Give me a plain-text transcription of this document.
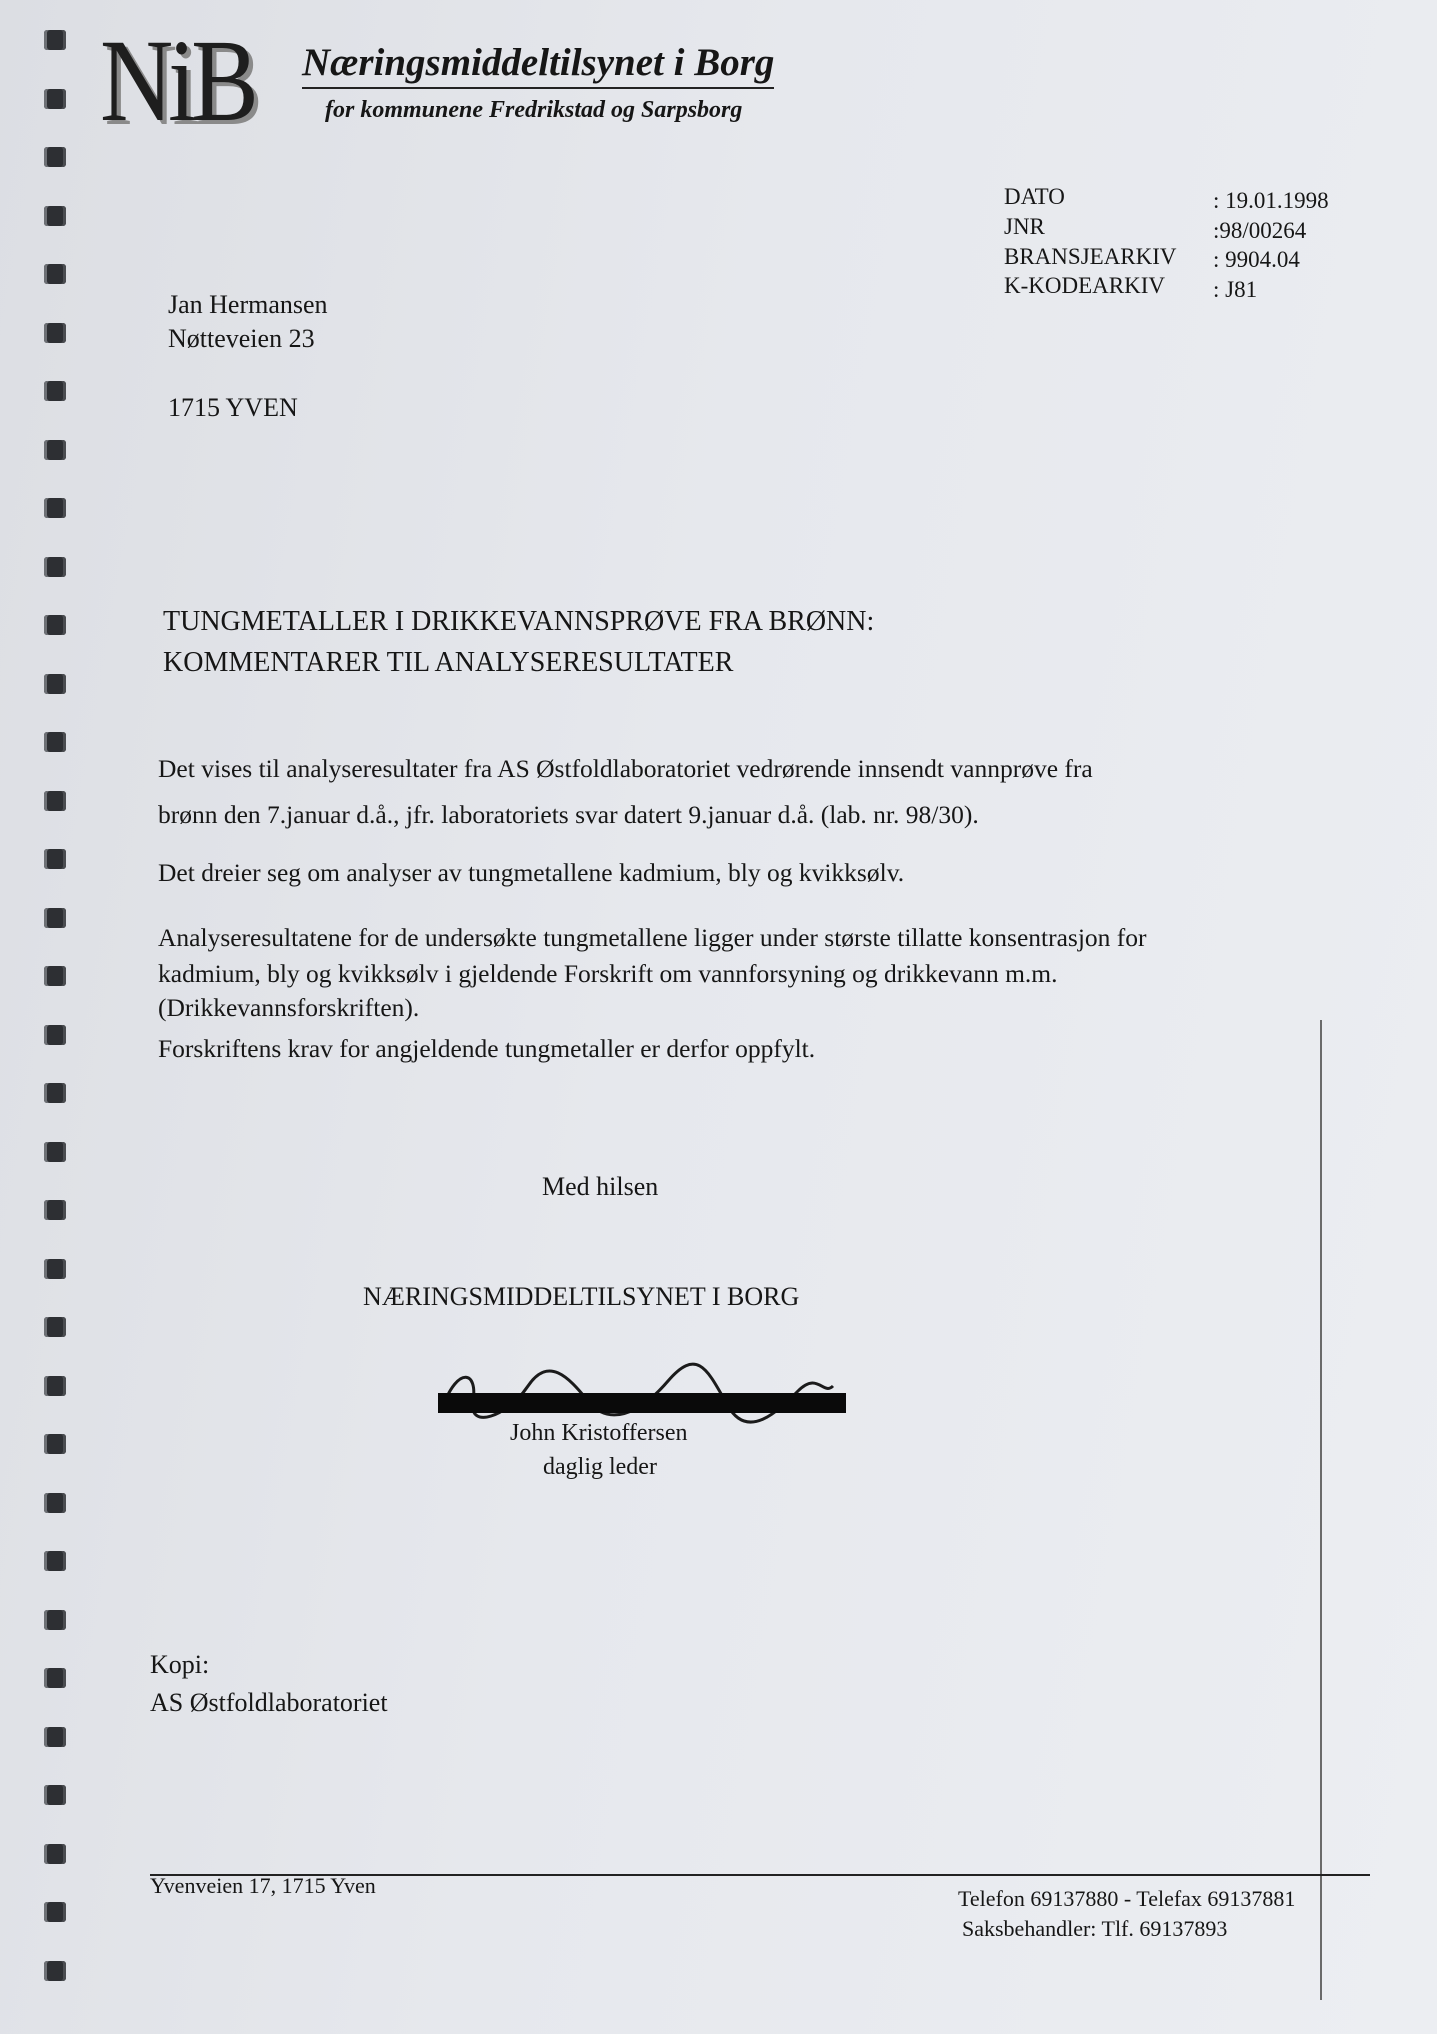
NiB Næringsmiddeltilsynet i Borg
for kommunene Fredrikstad og Sarpsborg
DATO	: 19.01.1998
JNR	:98/00264
BRANSJEARKIV : 9904.04
K-KODEARKIV : J81
Jan Hermansen
Nøtteveien 23
1715 YVEN
TUNGMETALLER I DRIKKEVANNSPRØVE FRA BRØNN:
KOMMENTARER TIL ANALYSERESULTATER
Det vises til analyseresultater fra AS Østfoldlaboratoriet vedrørende innsendt vannprøve fra
brønn den 7.januar d.å., jfr. laboratoriets svar datert 9.januar d.å. (lab. nr. 98/30).
Det dreier seg om analyser av tungmetallene kadmium, bly og kvikksølv.
Analyseresultatene for de undersøkte tungmetallene ligger under største tillatte konsentrasjon for
kadmium, bly og kvikksølv i gjeldende Forskrift om vannforsyning og drikkevann m.m.
(Drikkevannsforskriften).
Forskriftens krav for angjeldende tungmetaller er derfor oppfylt.
Med hilsen
NÆRINGSMIDDELTILSYNET I BORG
John Kristoffersen
daglig leder
Kopi:
AS Østfoldlaboratoriet
Yvenveien 17, 1715 Yven
Telefon 69137880 - Telefax 69137881
Saksbehandler: Tlf. 69137893
